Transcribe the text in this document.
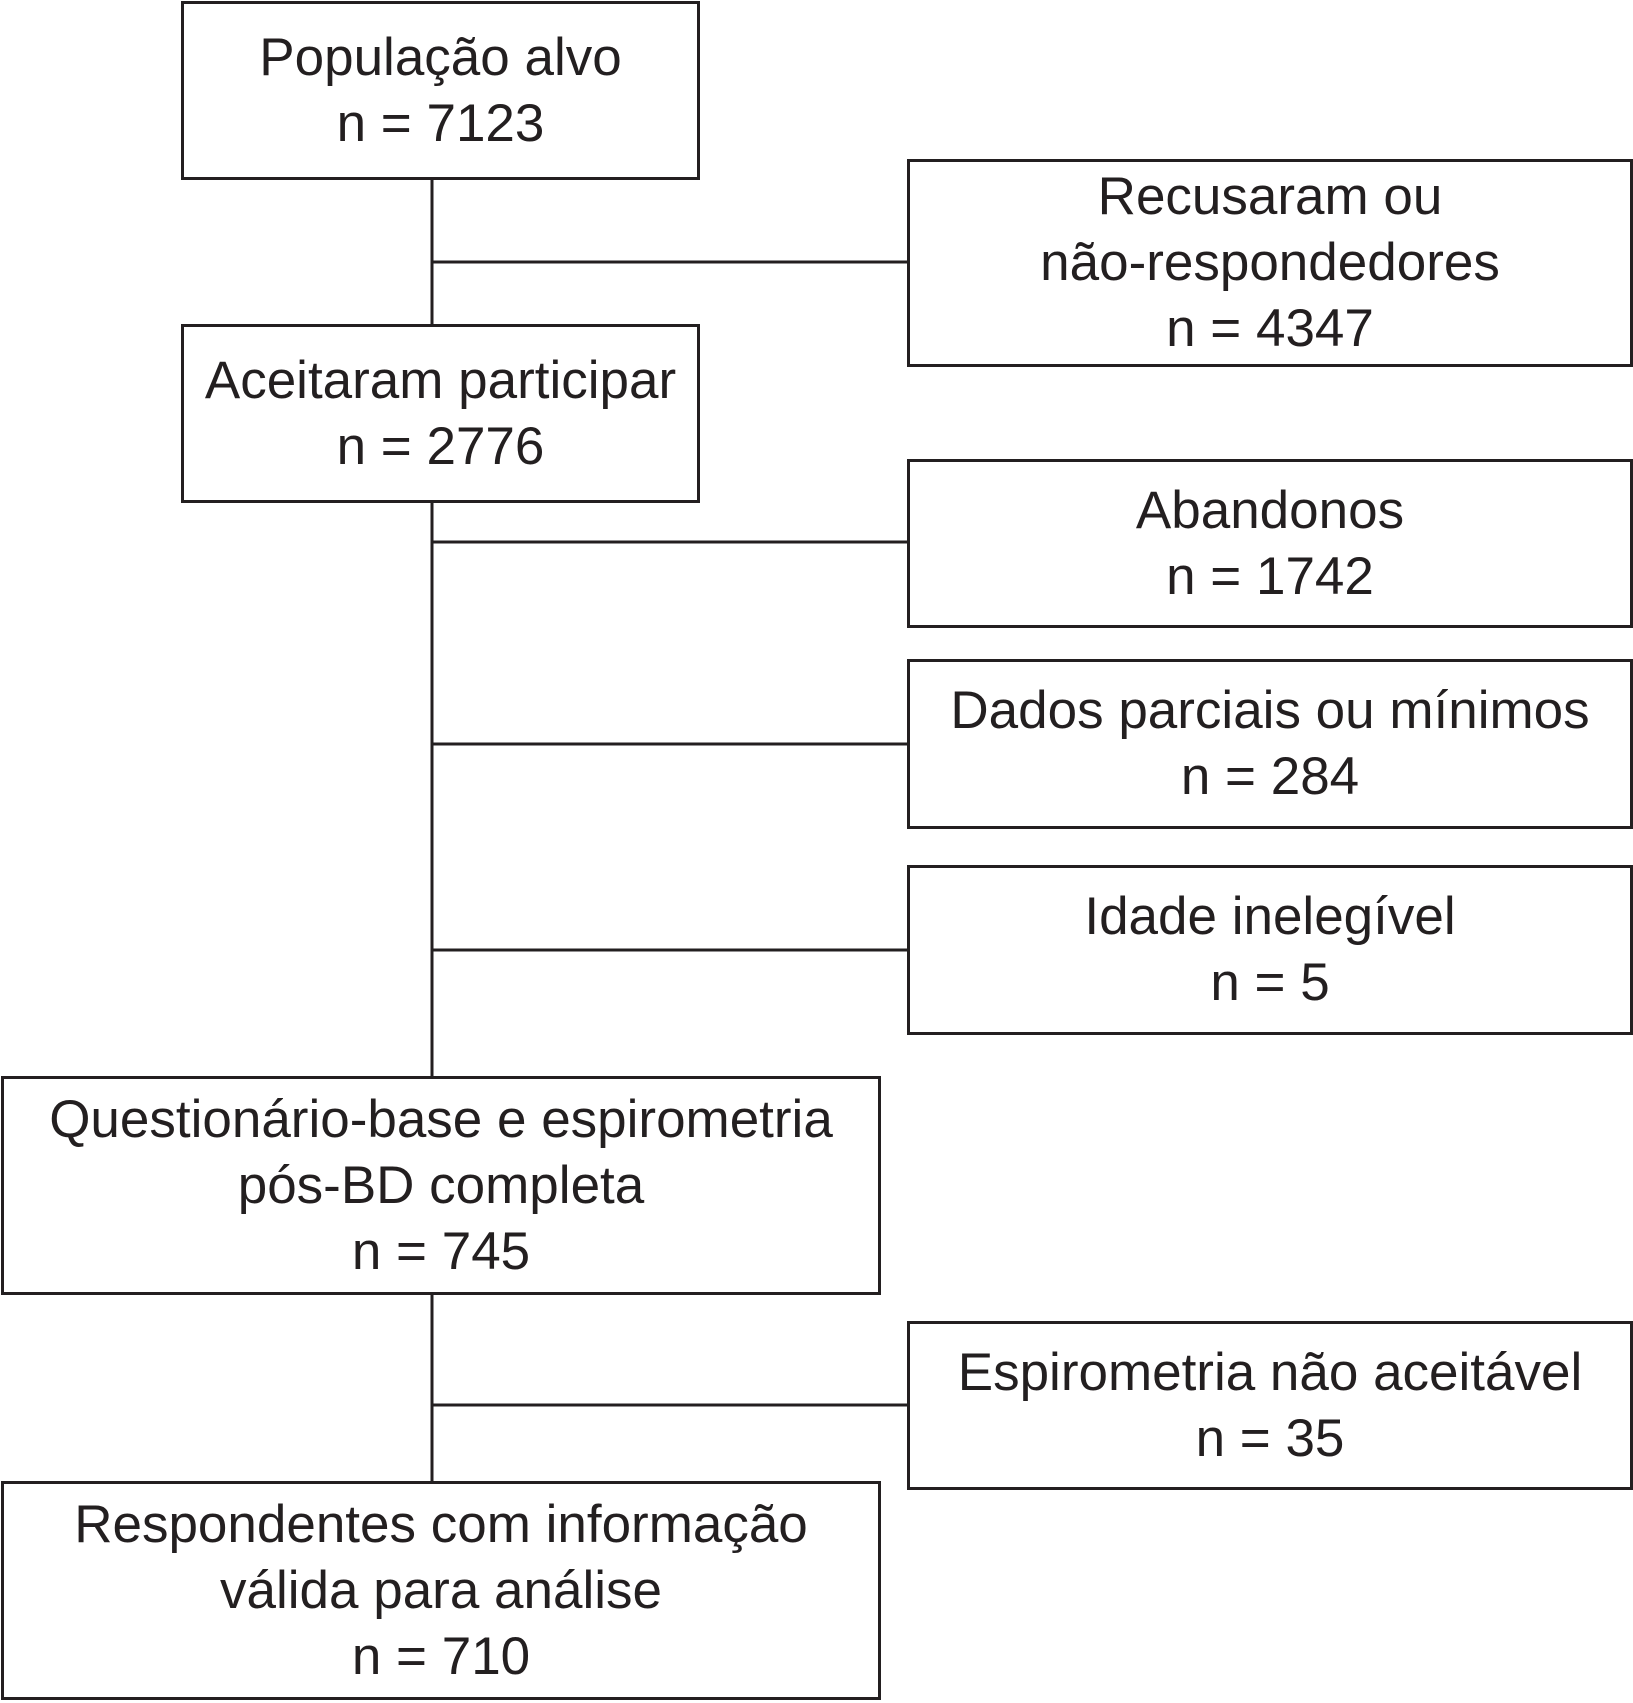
População alvo
n = 7123
Recusaram ou
não-respondedores
n = 4347
Aceitaram participar
n = 2776
Abandonos
n = 1742
Dados parciais ou mínimos
n = 284
Idade inelegível
n = 5
Questionário-base e espirometria
pós-BD completa
n = 745
Espirometria não aceitável
n = 35
Respondentes com informação
válida para análise
n = 710
